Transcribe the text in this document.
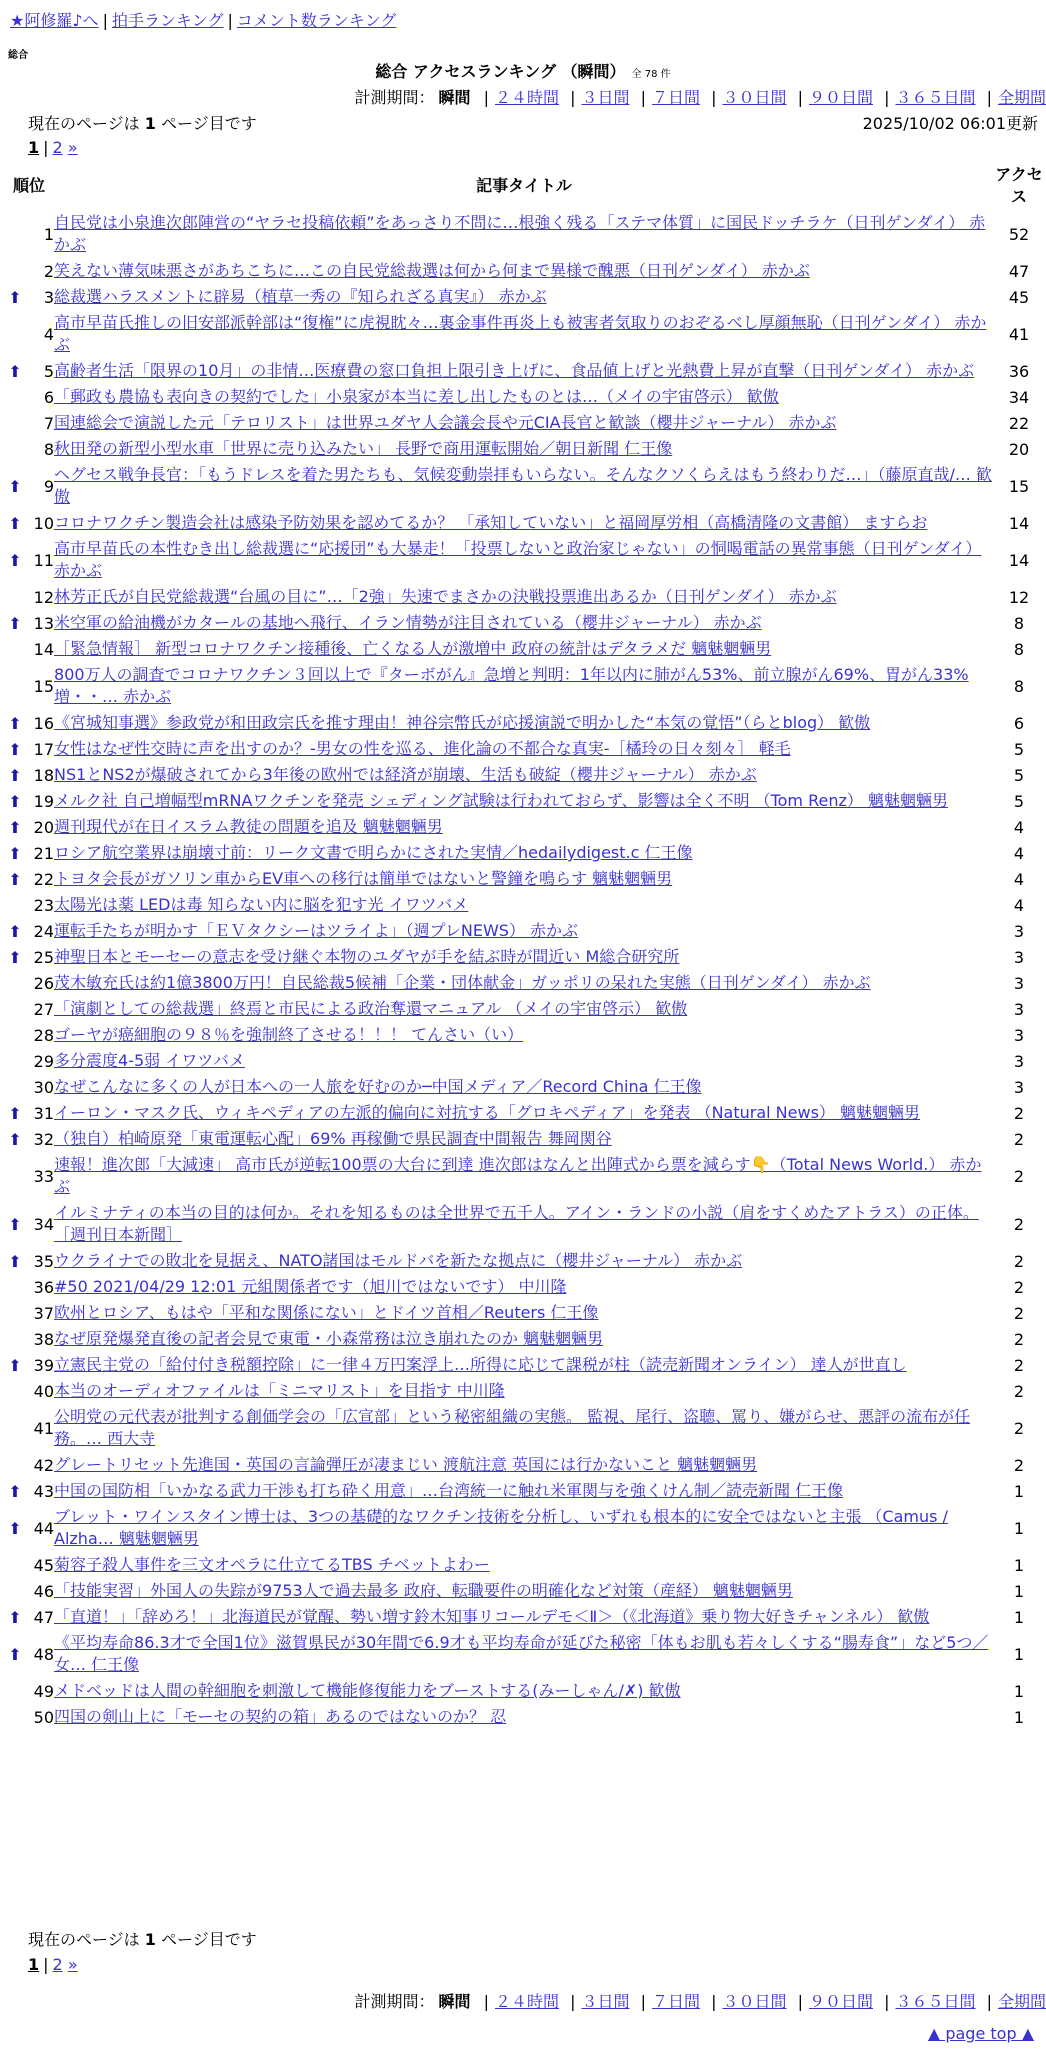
★阿修羅♪へ | 拍手ランキング | コメント数ランキング
総合
総合 アクセスランキング （瞬間） 全 78 件
計測期間： 瞬間 | ２４時間 | ３日間 | ７日間 | ３０日間 | ９０日間 | ３６５日間 | 全期間
現在のページは 1 ページ目です	2025/10/02 06:01更新
1 | 2 »
順位		記事タイトル	アクセス
	1	自民党は小泉進次郎陣営の“ヤラセ投稿依頼”をあっさり不問に…根強く残る「ステマ体質」に国民ドッチラケ（日刊ゲンダイ） 赤かぶ	52
	2	笑えない薄気味悪さがあちこちに…この自民党総裁選は何から何まで異様で醜悪（日刊ゲンダイ） 赤かぶ	47
⬆	3	総裁選ハラスメントに辟易（植草一秀の『知られざる真実』） 赤かぶ	45
	4	高市早苗氏推しの旧安部派幹部は“復権”に虎視眈々…裏金事件再炎上も被害者気取りのおぞるべし厚顔無恥（日刊ゲンダイ） 赤かぶ	41
⬆	5	高齢者生活「限界の10月」の非情…医療費の窓口負担上限引き上げに、食品値上げと光熱費上昇が直撃（日刊ゲンダイ） 赤かぶ	36
	6	「郵政も農協も表向きの契約でした」小泉家が本当に差し出したものとは…（メイの宇宙啓示） 歓傲	34
	7	国連総会で演説した元「テロリスト」は世界ユダヤ人会議会長や元CIA長官と歓談（櫻井ジャーナル） 赤かぶ	22
	8	秋田発の新型小型水車「世界に売り込みたい」 長野で商用運転開始／朝日新聞 仁王像	20
⬆	9	ヘグセス戦争長官：「もうドレスを着た男たちも、気候変動崇拝もいらない。そんなクソくらえはもう終わりだ…」（藤原直哉/… 歓傲	15
⬆	10	コロナワクチン製造会社は感染予防効果を認めてるか？ 「承知していない」と福岡厚労相（高橋清隆の文書館） ますらお	14
⬆	11	高市早苗氏の本性むき出し総裁選に“応援団”も大暴走！「投票しないと政治家じゃない」の恫喝電話の異常事態（日刊ゲンダイ） 赤かぶ	14
	12	林芳正氏が自民党総裁選“台風の目に”…「2強」失速でまさかの決戦投票進出あるか（日刊ゲンダイ） 赤かぶ	12
⬆	13	米空軍の給油機がカタールの基地へ飛行、イラン情勢が注目されている（櫻井ジャーナル） 赤かぶ	8
	14	［緊急情報］ 新型コロナワクチン接種後、亡くなる人が激増中 政府の統計はデタラメだ 魑魅魍魎男	8
	15	800万人の調査でコロナワクチン３回以上で『ターボがん』急増と判明：1年以内に肺がん53%、前立腺がん69%、胃がん33%増・・… 赤かぶ	8
⬆	16	《宮城知事選》参政党が和田政宗氏を推す理由！神谷宗幣氏が応援演説で明かした“本気の覚悟”（らとblog） 歓傲	6
⬆	17	女性はなぜ性交時に声を出すのか？-男女の性を巡る、進化論の不都合な真実-［橘玲の日々刻々］ 軽毛	5
⬆	18	NS1とNS2が爆破されてから3年後の欧州では経済が崩壊、生活も破綻（櫻井ジャーナル） 赤かぶ	5
⬆	19	メルク社 自己増幅型mRNAワクチンを発売 シェディング試験は行われておらず、影響は全く不明 （Tom Renz） 魑魅魍魎男	5
⬆	20	週刊現代が在日イスラム教徒の問題を追及 魑魅魍魎男	4
⬆	21	ロシア航空業界は崩壊寸前：リーク文書で明らかにされた実情／hedailydigest.c 仁王像	4
⬆	22	トヨタ会長がガソリン車からEV車への移行は簡単ではないと警鐘を鳴らす 魑魅魍魎男	4
	23	太陽光は薬 LEDは毒 知らない内に脳を犯す光 イワツバメ	4
⬆	24	運転手たちが明かす「ＥＶタクシーはツライよ」（週プレNEWS） 赤かぶ	3
⬆	25	神聖日本とモーセーの意志を受け継ぐ本物のユダヤが手を結ぶ時が間近い M総合研究所	3
	26	茂木敏充氏は約1億3800万円！自民総裁5候補「企業・団体献金」ガッポリの呆れた実態（日刊ゲンダイ） 赤かぶ	3
	27	「演劇としての総裁選」終焉と市民による政治奪還マニュアル （メイの宇宙啓示） 歓傲	3
	28	ゴーヤが癌細胞の９８％を強制終了させる！！！ てんさい（い）	3
	29	多分震度4-5弱 イワツバメ	3
	30	なぜこんなに多くの人が日本への一人旅を好むのか─中国メディア／Record China 仁王像	3
⬆	31	イーロン・マスク氏、ウィキペディアの左派的偏向に対抗する「グロキペディア」を発表 （Natural News） 魑魅魍魎男	2
⬆	32	（独自）柏崎原発「東電運転心配」69% 再稼働で県民調査中間報告 舞岡関谷	2
	33	速報！進次郎「大減速」 高市氏が逆転100票の大台に到達 進次郎はなんと出陣式から票を減らす👇（Total News World.） 赤かぶ	2
⬆	34	イルミナティの本当の目的は何か。それを知るものは全世界で五千人。アイン・ランドの小説（肩をすくめたアトラス）の正体。［週刊日本新聞］	2
⬆	35	ウクライナでの敗北を見据え、NATO諸国はモルドバを新たな拠点に（櫻井ジャーナル） 赤かぶ	2
	36	#50 2021/04/29 12:01 元組関係者です（旭川ではないです） 中川隆	2
	37	欧州とロシア、もはや「平和な関係にない」とドイツ首相／Reuters 仁王像	2
	38	なぜ原発爆発直後の記者会見で東電・小森常務は泣き崩れたのか 魑魅魍魎男	2
⬆	39	立憲民主党の「給付付き税額控除」に一律４万円案浮上…所得に応じて課税が柱（読売新聞オンライン） 達人が世直し	2
	40	本当のオーディオファイルは「ミニマリスト」を目指す 中川隆	2
	41	公明党の元代表が批判する創価学会の「広宣部」という秘密組織の実態。 監視、尾行、盗聴、罵り、嫌がらせ、悪評の流布が任務。… 西大寺	2
	42	グレートリセット先進国・英国の言論弾圧が凄まじい 渡航注意 英国には行かないこと 魑魅魍魎男	2
⬆	43	中国の国防相「いかなる武力干渉も打ち砕く用意」…台湾統一に触れ米軍関与を強くけん制／読売新聞 仁王像	1
⬆	44	ブレット・ワインスタイン博士は、3つの基礎的なワクチン技術を分析し、いずれも根本的に安全ではないと主張 （Camus / Alzha… 魑魅魍魎男	1
	45	菊容子殺人事件を三文オペラに仕立てるTBS チベットよわー	1
	46	「技能実習」外国人の失踪が9753人で過去最多 政府、転職要件の明確化など対策（産経） 魑魅魍魎男	1
⬆	47	「直道！」「辞めろ！」北海道民が覚醒、勢い増す鈴木知事リコールデモ＜Ⅱ＞（《北海道》乗り物大好きチャンネル） 歓傲	1
⬆	48	《平均寿命86.3才で全国1位》滋賀県民が30年間で6.9才も平均寿命が延びた秘密「体もお肌も若々しくする“腸寿食”」など5つ／女… 仁王像	1
	49	メドベッドは人間の幹細胞を刺激して機能修復能力をブーストする(みーしゃん/✗) 歓傲	1
	50	四国の剣山上に「モーセの契約の箱」あるのではないのか？ 忍	1
現在のページは 1 ページ目です
1 | 2 »
計測期間： 瞬間 | ２４時間 | ３日間 | ７日間 | ３０日間 | ９０日間 | ３６５日間 | 全期間
▲ page top ▲
